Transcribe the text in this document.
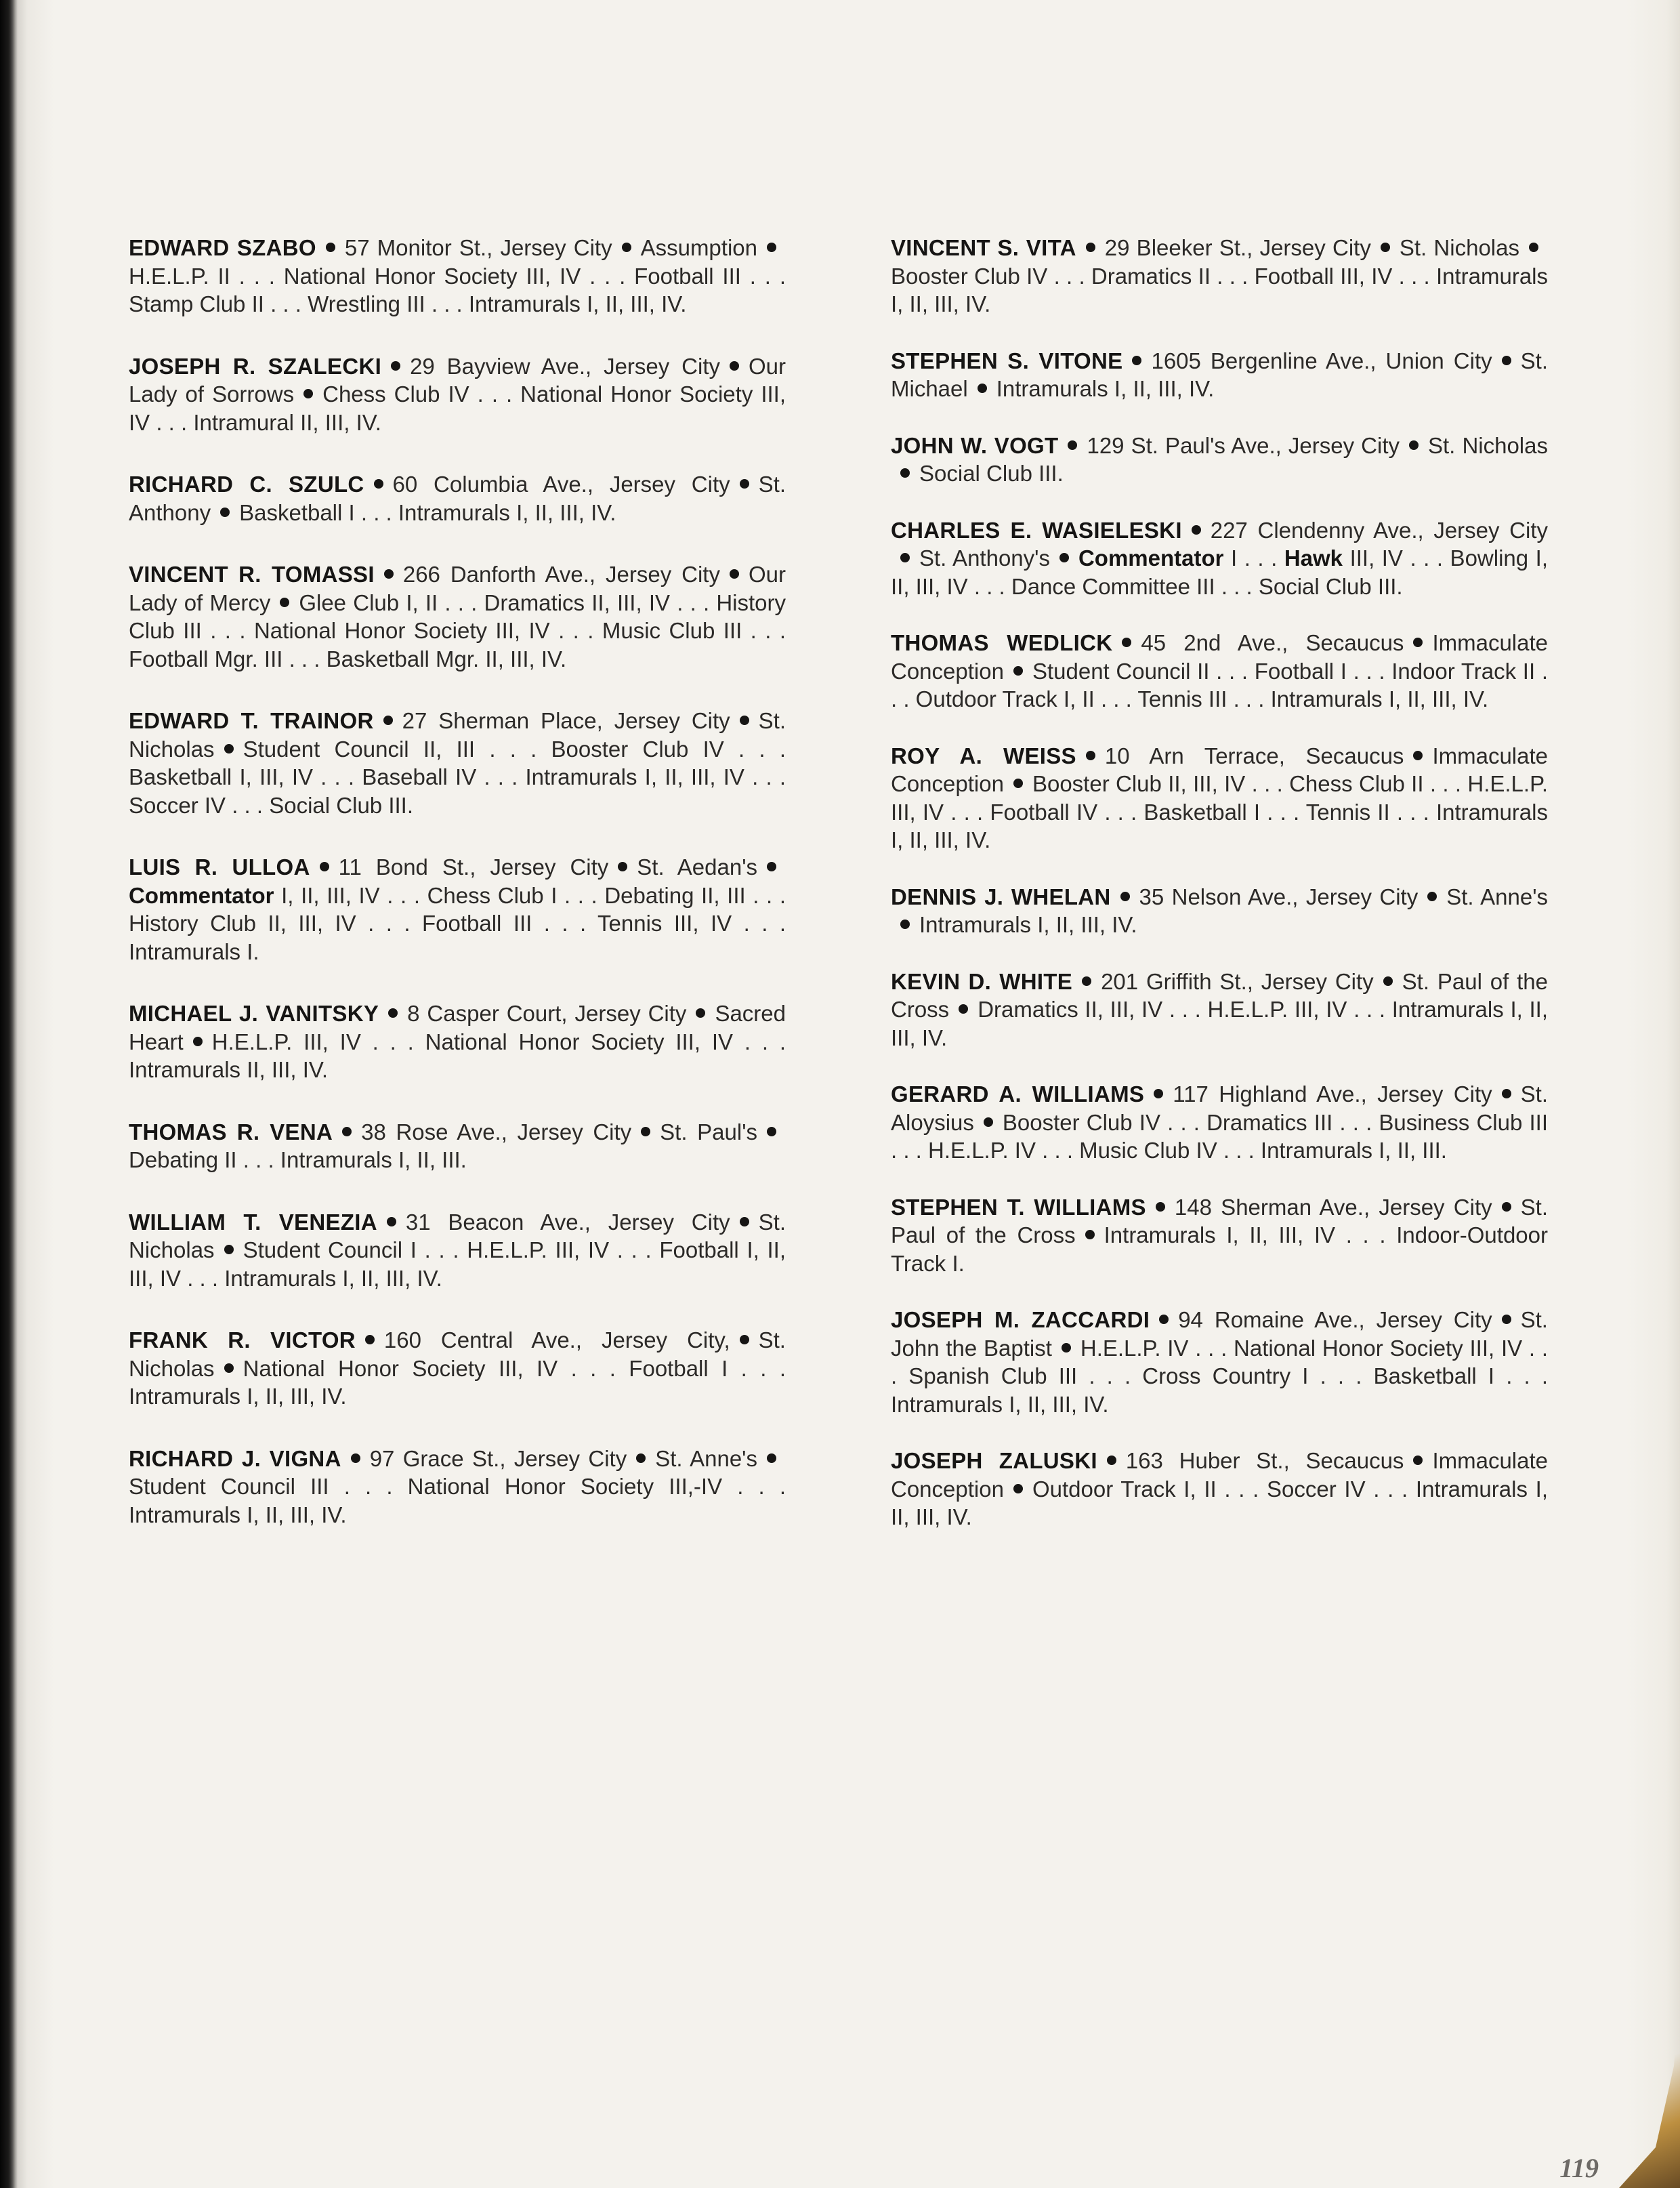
EDWARD SZABO 57 Monitor St., Jersey City AssumptionH.E.L.P. II . . . National Honor Society III, IV . . . Football III . . . Stamp Club II . . . Wrestling III . . . Intramurals I, II, III, IV.

JOSEPH R. SZALECKI 29 Bayview Ave., Jersey City Our Lady of Sorrows Chess Club IV . . . National Honor Society III, IV . . . Intramural II, III, IV.

RICHARD C. SZULC 60 Columbia Ave., Jersey City St. Anthony Basketball I . . . Intramurals I, II, III, IV.

VINCENT R. TOMASSI 266 Danforth Ave., Jersey City Our Lady of Mercy Glee Club I, II . . . Dramatics II, III, IV . . . History Club III . . . National Honor Society III, IV . . . Music Club III . . . Football Mgr. III . . . Basketball Mgr. II, III, IV.

EDWARD T. TRAINOR 27 Sherman Place, Jersey City St. Nicholas Student Council II, III . . . Booster Club IV . . . Basketball I, III, IV . . . Baseball IV . . . Intramurals I, II, III, IV . . . Soccer IV . . . Social Club III.

LUIS R. ULLOA 11 Bond St., Jersey City St. Aedan'sCommentator I, II, III, IV . . . Chess Club I . . . Debating II, III . . . History Club II, III, IV . . . Football III . . . Tennis III, IV . . . Intramurals I.

MICHAEL J. VANITSKY 8 Casper Court, Jersey City Sacred Heart H.E.L.P. III, IV . . . National Honor Society III, IV . . . Intramurals II, III, IV.

THOMAS R. VENA 38 Rose Ave., Jersey City St. Paul'sDebating II . . . Intramurals I, II, III.

WILLIAM T. VENEZIA 31 Beacon Ave., Jersey City St. Nicholas Student Council I . . . H.E.L.P. III, IV . . . Football I, II, III, IV . . . Intramurals I, II, III, IV.

FRANK R. VICTOR 160 Central Ave., Jersey City, St. Nicholas National Honor Society III, IV . . . Football I . . . Intramurals I, II, III, IV.

RICHARD J. VIGNA 97 Grace St., Jersey City St. Anne'sStudent Council III . . . National Honor Society III,-IV . . . Intramurals I, II, III, IV.

VINCENT S. VITA 29 Bleeker St., Jersey City St. NicholasBooster Club IV . . . Dramatics II . . . Football III, IV . . . Intramurals I, II, III, IV.

STEPHEN S. VITONE 1605 Bergenline Ave., Union City St. Michael Intramurals I, II, III, IV.

JOHN W. VOGT 129 St. Paul's Ave., Jersey City St. NicholasSocial Club III.

CHARLES E. WASIELESKI 227 Clendenny Ave., Jersey CitySt. Anthony's Commentator I . . . Hawk III, IV . . . Bowling I, II, III, IV . . . Dance Committee III . . . Social Club III.

THOMAS WEDLICK 45 2nd Ave., Secaucus Immaculate Conception Student Council II . . . Football I . . . Indoor Track II . . . Outdoor Track I, II . . . Tennis III . . . Intramurals I, II, III, IV.

ROY A. WEISS 10 Arn Terrace, Secaucus Immaculate Conception Booster Club II, III, IV . . . Chess Club II . . . H.E.L.P. III, IV . . . Football IV . . . Basketball I . . . Tennis II . . . Intramurals I, II, III, IV.

DENNIS J. WHELAN 35 Nelson Ave., Jersey City St. Anne'sIntramurals I, II, III, IV.

KEVIN D. WHITE 201 Griffith St., Jersey City St. Paul of the Cross Dramatics II, III, IV . . . H.E.L.P. III, IV . . . Intramurals I, II, III, IV.

GERARD A. WILLIAMS 117 Highland Ave., Jersey City St. Aloysius Booster Club IV . . . Dramatics III . . . Business Club III . . . H.E.L.P. IV . . . Music Club IV . . . Intramurals I, II, III.

STEPHEN T. WILLIAMS 148 Sherman Ave., Jersey City St. Paul of the Cross Intramurals I, II, III, IV . . . Indoor-Outdoor Track I.

JOSEPH M. ZACCARDI 94 Romaine Ave., Jersey City St. John the Baptist H.E.L.P. IV . . . National Honor Society III, IV . . . Spanish Club III . . . Cross Country I . . . Basketball I . . . Intramurals I, II, III, IV.

JOSEPH ZALUSKI 163 Huber St., Secaucus Immaculate Conception Outdoor Track I, II . . . Soccer IV . . . Intramurals I, II, III, IV.

119
